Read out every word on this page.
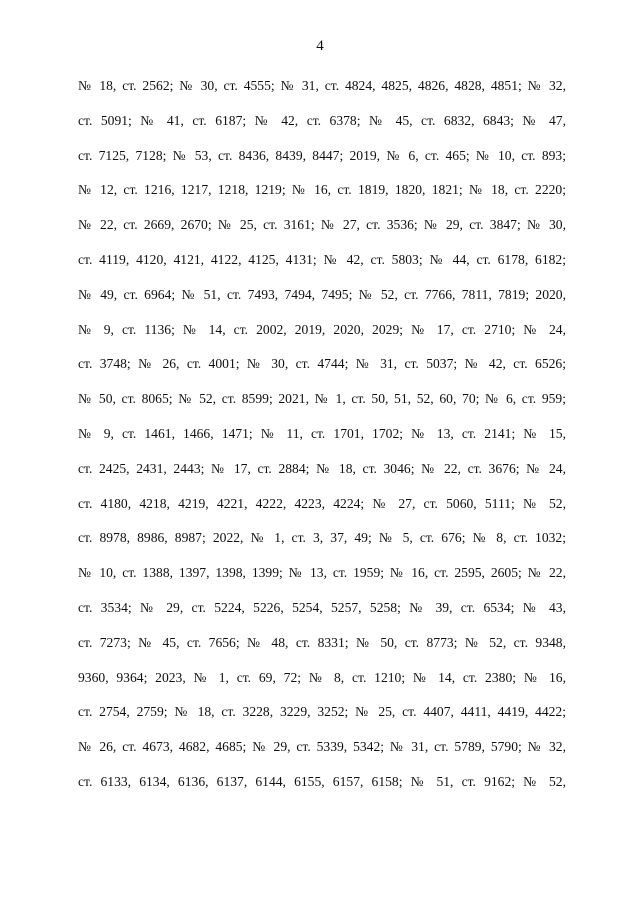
4
№ 18, ст. 2562; № 30, ст. 4555; № 31, ст. 4824, 4825, 4826, 4828, 4851; № 32,
ст. 5091; № 41, ст. 6187; № 42, ст. 6378; № 45, ст. 6832, 6843; № 47,
ст. 7125, 7128; № 53, ст. 8436, 8439, 8447; 2019, № 6, ст. 465; № 10, ст. 893;
№ 12, ст. 1216, 1217, 1218, 1219; № 16, ст. 1819, 1820, 1821; № 18, ст. 2220;
№ 22, ст. 2669, 2670; № 25, ст. 3161; № 27, ст. 3536; № 29, ст. 3847; № 30,
ст. 4119, 4120, 4121, 4122, 4125, 4131; № 42, ст. 5803; № 44, ст. 6178, 6182;
№ 49, ст. 6964; № 51, ст. 7493, 7494, 7495; № 52, ст. 7766, 7811, 7819; 2020,
№ 9, ст. 1136; № 14, ст. 2002, 2019, 2020, 2029; № 17, ст. 2710; № 24,
ст. 3748; № 26, ст. 4001; № 30, ст. 4744; № 31, ст. 5037; № 42, ст. 6526;
№ 50, ст. 8065; № 52, ст. 8599; 2021, № 1, ст. 50, 51, 52, 60, 70; № 6, ст. 959;
№ 9, ст. 1461, 1466, 1471; № 11, ст. 1701, 1702; № 13, ст. 2141; № 15,
ст. 2425, 2431, 2443; № 17, ст. 2884; № 18, ст. 3046; № 22, ст. 3676; № 24,
ст. 4180, 4218, 4219, 4221, 4222, 4223, 4224; № 27, ст. 5060, 5111; № 52,
ст. 8978, 8986, 8987; 2022, № 1, ст. 3, 37, 49; № 5, ст. 676; № 8, ст. 1032;
№ 10, ст. 1388, 1397, 1398, 1399; № 13, ст. 1959; № 16, ст. 2595, 2605; № 22,
ст. 3534; № 29, ст. 5224, 5226, 5254, 5257, 5258; № 39, ст. 6534; № 43,
ст. 7273; № 45, ст. 7656; № 48, ст. 8331; № 50, ст. 8773; № 52, ст. 9348,
9360, 9364; 2023, № 1, ст. 69, 72; № 8, ст. 1210; № 14, ст. 2380; № 16,
ст. 2754, 2759; № 18, ст. 3228, 3229, 3252; № 25, ст. 4407, 4411, 4419, 4422;
№ 26, ст. 4673, 4682, 4685; № 29, ст. 5339, 5342; № 31, ст. 5789, 5790; № 32,
ст. 6133, 6134, 6136, 6137, 6144, 6155, 6157, 6158; № 51, ст. 9162; № 52,
